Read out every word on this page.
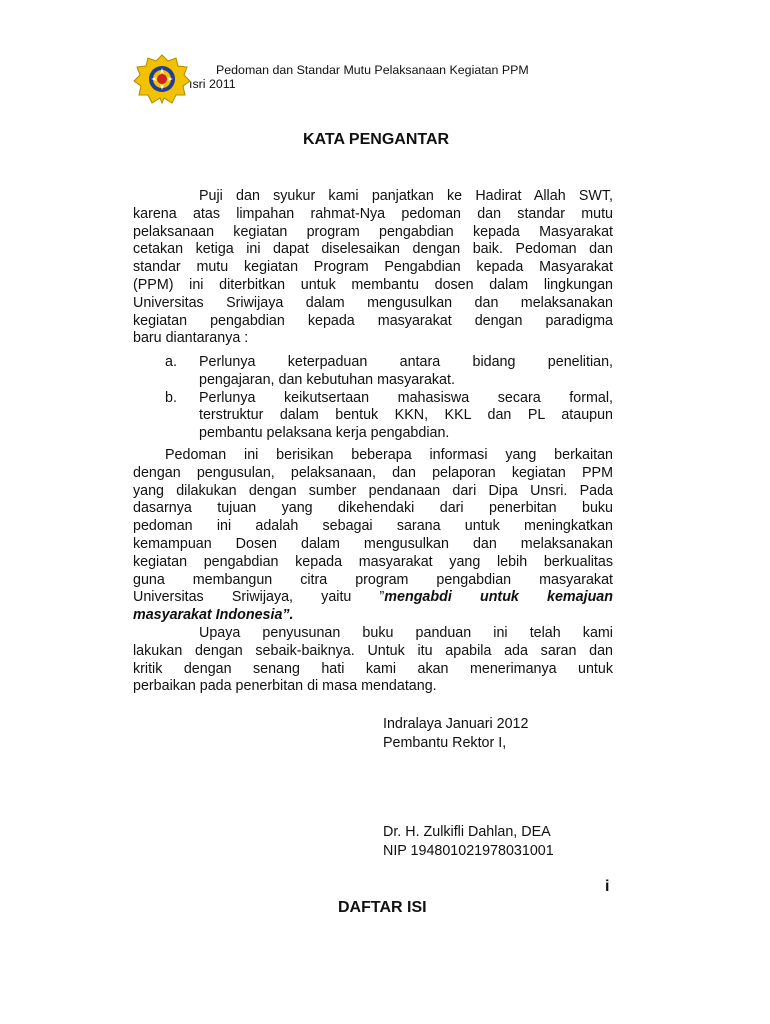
Pedoman dan Standar Mutu Pelaksanaan Kegiatan PPM
ısri 2011
KATA PENGANTAR
Puji dan syukur kami panjatkan ke Hadirat Allah SWT,
karena atas limpahan rahmat-Nya pedoman dan standar mutu
pelaksanaan kegiatan program pengabdian kepada Masyarakat
cetakan ketiga ini dapat diselesaikan dengan baik. Pedoman dan
standar mutu kegiatan Program Pengabdian kepada Masyarakat
(PPM) ini diterbitkan untuk membantu dosen dalam lingkungan
Universitas Sriwijaya dalam mengusulkan dan melaksanakan
kegiatan pengabdian kepada masyarakat dengan paradigma
baru diantaranya :
a. Perlunya keterpaduan antara bidang penelitian,
pengajaran, dan kebutuhan masyarakat.
b. Perlunya keikutsertaan mahasiswa secara formal,
terstruktur dalam bentuk KKN, KKL dan PL ataupun
pembantu pelaksana kerja pengabdian.
Pedoman ini berisikan beberapa informasi yang berkaitan
dengan pengusulan, pelaksanaan, dan pelaporan kegiatan PPM
yang dilakukan dengan sumber pendanaan dari Dipa Unsri. Pada
dasarnya tujuan yang dikehendaki dari penerbitan buku
pedoman ini adalah sebagai sarana untuk meningkatkan
kemampuan Dosen dalam mengusulkan dan melaksanakan
kegiatan pengabdian kepada masyarakat yang lebih berkualitas
guna membangun citra program pengabdian masyarakat
Universitas Sriwijaya, yaitu ”mengabdi untuk kemajuan
masyarakat Indonesia”.
Upaya penyusunan buku panduan ini telah kami
lakukan dengan sebaik-baiknya. Untuk itu apabila ada saran dan
kritik dengan senang hati kami akan menerimanya untuk
perbaikan pada penerbitan di masa mendatang.
Indralaya Januari 2012
Pembantu Rektor I,
Dr. H. Zulkifli Dahlan, DEA
NIP 194801021978031001
i
DAFTAR ISI
